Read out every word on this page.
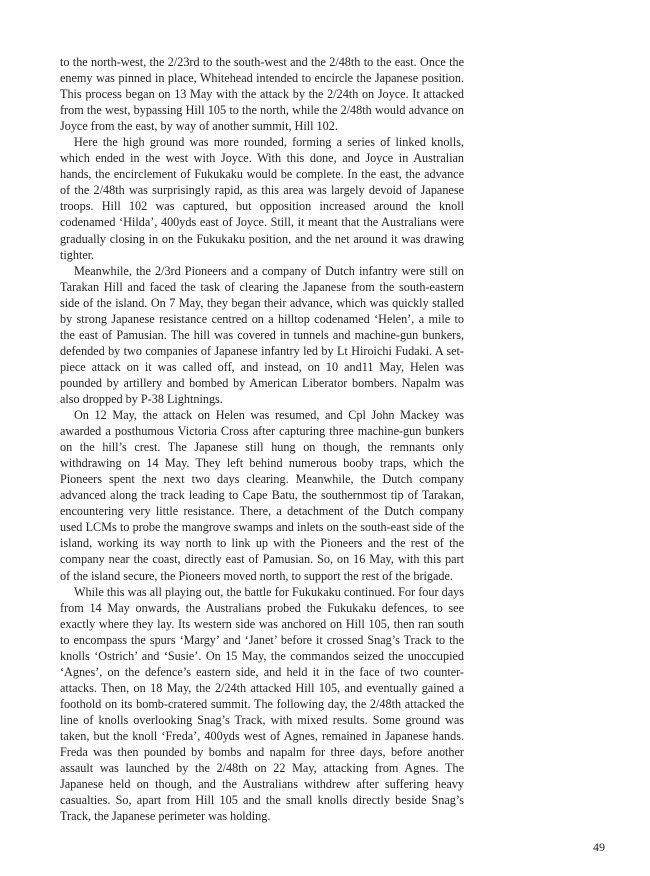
to the north-west, the 2/23rd to the south-west and the 2/48th to the east. Once the enemy was pinned in place, Whitehead intended to encircle the Japanese position. This process began on 13 May with the attack by the 2/24th on Joyce. It attacked from the west, bypassing Hill 105 to the north, while the 2/48th would advance on Joyce from the east, by way of another summit, Hill 102.

Here the high ground was more rounded, forming a series of linked knolls, which ended in the west with Joyce. With this done, and Joyce in Australian hands, the encirclement of Fukukaku would be complete. In the east, the advance of the 2/48th was surprisingly rapid, as this area was largely devoid of Japanese troops. Hill 102 was captured, but opposition increased around the knoll codenamed ‘Hilda’, 400yds east of Joyce. Still, it meant that the Australians were gradually closing in on the Fukukaku position, and the net around it was drawing tighter.

Meanwhile, the 2/3rd Pioneers and a company of Dutch infantry were still on Tarakan Hill and faced the task of clearing the Japanese from the south-eastern side of the island. On 7 May, they began their advance, which was quickly stalled by strong Japanese resistance centred on a hilltop codenamed ‘Helen’, a mile to the east of Pamusian. The hill was covered in tunnels and machine-gun bunkers, defended by two companies of Japanese infantry led by Lt Hiroichi Fudaki. A set-piece attack on it was called off, and instead, on 10 and11 May, Helen was pounded by artillery and bombed by American Liberator bombers. Napalm was also dropped by P-38 Lightnings.

On 12 May, the attack on Helen was resumed, and Cpl John Mackey was awarded a posthumous Victoria Cross after capturing three machine-gun bunkers on the hill’s crest. The Japanese still hung on though, the remnants only withdrawing on 14 May. They left behind numerous booby traps, which the Pioneers spent the next two days clearing. Meanwhile, the Dutch company advanced along the track leading to Cape Batu, the southernmost tip of Tarakan, encountering very little resistance. There, a detachment of the Dutch company used LCMs to probe the mangrove swamps and inlets on the south-east side of the island, working its way north to link up with the Pioneers and the rest of the company near the coast, directly east of Pamusian. So, on 16 May, with this part of the island secure, the Pioneers moved north, to support the rest of the brigade.

While this was all playing out, the battle for Fukukaku continued. For four days from 14 May onwards, the Australians probed the Fukukaku defences, to see exactly where they lay. Its western side was anchored on Hill 105, then ran south to encompass the spurs ‘Margy’ and ‘Janet’ before it crossed Snag’s Track to the knolls ‘Ostrich’ and ‘Susie’. On 15 May, the commandos seized the unoccupied ‘Agnes’, on the defence’s eastern side, and held it in the face of two counter-attacks. Then, on 18 May, the 2/24th attacked Hill 105, and eventually gained a foothold on its bomb-cratered summit. The following day, the 2/48th attacked the line of knolls overlooking Snag’s Track, with mixed results. Some ground was taken, but the knoll ‘Freda’, 400yds west of Agnes, remained in Japanese hands. Freda was then pounded by bombs and napalm for three days, before another assault was launched by the 2/48th on 22 May, attacking from Agnes. The Japanese held on though, and the Australians withdrew after suffering heavy casualties. So, apart from Hill 105 and the small knolls directly beside Snag’s Track, the Japanese perimeter was holding.

49
